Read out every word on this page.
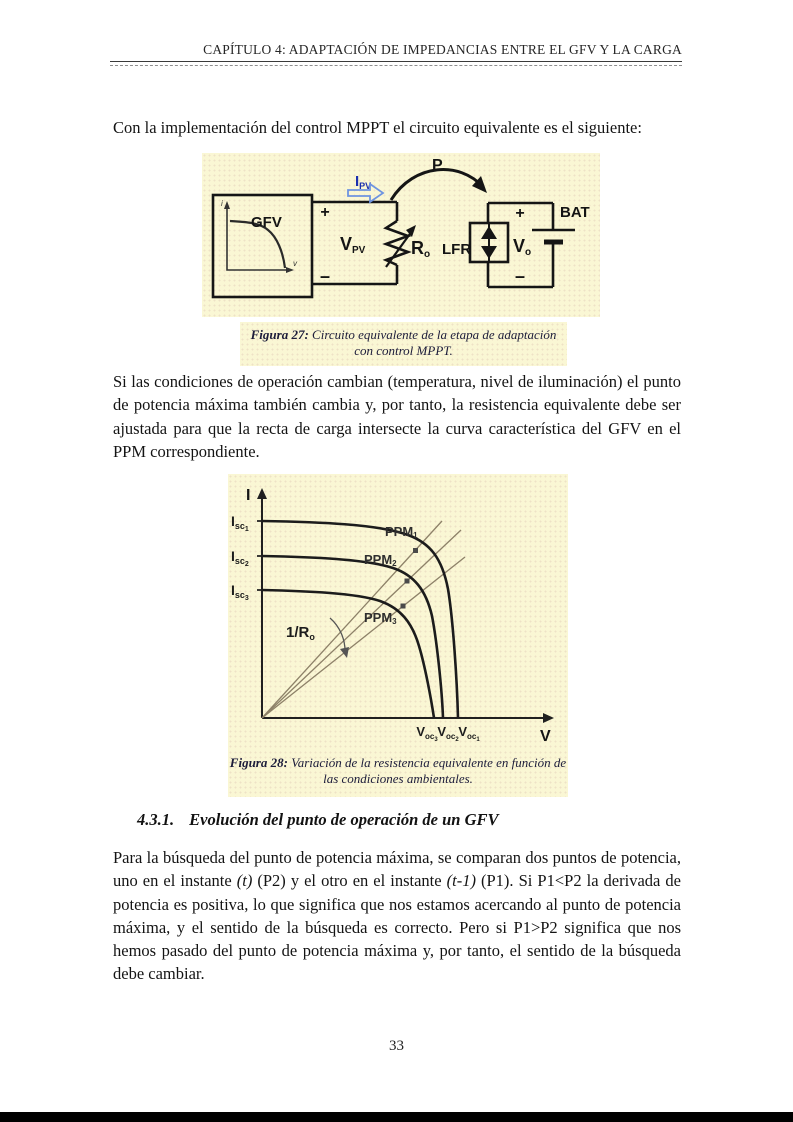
CAPÍTULO 4: ADAPTACIÓN DE IMPEDANCIAS ENTRE EL GFV Y LA CARGA

Con la implementación del control MPPT el circuito equivalente es el siguiente:

i
v
GFV
+
–
VPV	Ro
$I_{PV}$
P
LFR
+
Vo
–
BAT
Figura 27: Circuito equivalente de la etapa de adaptación con control MPPT.

Si las condiciones de operación cambian (temperatura, nivel de iluminación) el punto de potencia máxima también cambia y, por tanto, la resistencia equivalente debe ser ajustada para que la recta de carga intersecte la curva característica del GFV en el PPM correspondiente.

I
V
PPM1
PPM2
PPM3
$I_{sc}1$
$I_{sc}2$
$I_{sc}3$
$1/R_o$
$V_{oc}3$
$V_{oc}2$
$V_{oc}1$
Figura 28: Variación de la resistencia equivalente en función de las condiciones ambientales.
4.3.1. Evolución del punto de operación de un GFV

Para la búsqueda del punto de potencia máxima, se comparan dos puntos de potencia, uno en el instante (t) (P2) y el otro en el instante (t-1) (P1). Si P1<P2 la derivada de potencia es positiva, lo que significa que nos estamos acercando al punto de potencia máxima, y el sentido de la búsqueda es correcto. Pero si P1>P2 significa que nos hemos pasado del punto de potencia máxima y, por tanto, el sentido de la búsqueda debe cambiar.

33
